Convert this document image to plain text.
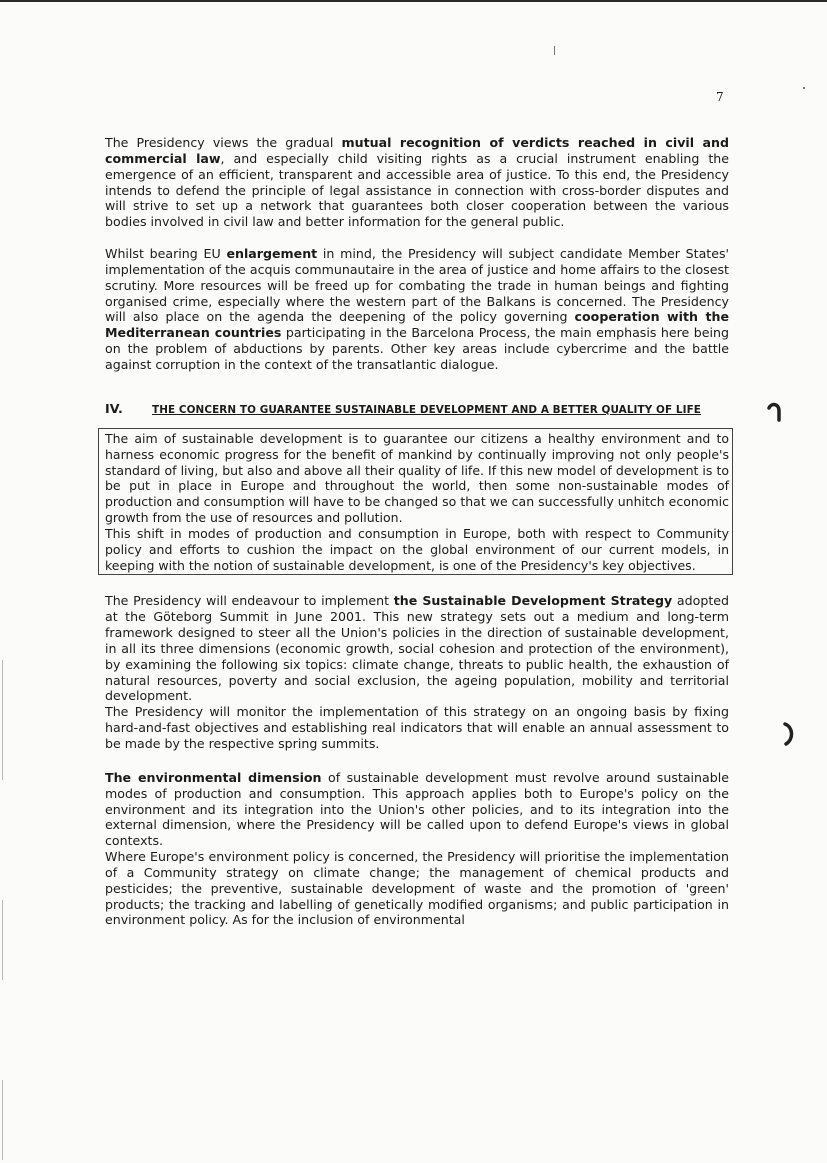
7

The Presidency views the gradual mutual recognition of verdicts reached in civil and commercial law, and especially child visiting rights as a crucial instrument enabling the emergence of an efficient, transparent and accessible area of justice. To this end, the Presidency intends to defend the principle of legal assistance in connection with cross-border disputes and will strive to set up a network that guarantees both closer cooperation between the various bodies involved in civil law and better information for the general public.

Whilst bearing EU enlargement in mind, the Presidency will subject candidate Member States' implementation of the acquis communautaire in the area of justice and home affairs to the closest scrutiny. More resources will be freed up for combating the trade in human beings and fighting organised crime, especially where the western part of the Balkans is concerned. The Presidency will also place on the agenda the deepening of the policy governing cooperation with the Mediterranean countries participating in the Barcelona Process, the main emphasis here being on the problem of abductions by parents. Other key areas include cybercrime and the battle against corruption in the context of the transatlantic dialogue.

IV.	THE CONCERN TO GUARANTEE SUSTAINABLE DEVELOPMENT AND A BETTER QUALITY OF LIFE

The aim of sustainable development is to guarantee our citizens a healthy environment and to harness economic progress for the benefit of mankind by continually improving not only people's standard of living, but also and above all their quality of life. If this new model of development is to be put in place in Europe and throughout the world, then some non-sustainable modes of production and consumption will have to be changed so that we can successfully unhitch economic growth from the use of resources and pollution.

This shift in modes of production and consumption in Europe, both with respect to Community policy and efforts to cushion the impact on the global environment of our current models, in keeping with the notion of sustainable development, is one of the Presidency's key objectives.

The Presidency will endeavour to implement the Sustainable Development Strategy adopted at the Göteborg Summit in June 2001. This new strategy sets out a medium and long-term framework designed to steer all the Union's policies in the direction of sustainable development, in all its three dimensions (economic growth, social cohesion and protection of the environment), by examining the following six topics: climate change, threats to public health, the exhaustion of natural resources, poverty and social exclusion, the ageing population, mobility and territorial development.

The Presidency will monitor the implementation of this strategy on an ongoing basis by fixing hard-and-fast objectives and establishing real indicators that will enable an annual assessment to be made by the respective spring summits.

The environmental dimension of sustainable development must revolve around sustainable modes of production and consumption. This approach applies both to Europe's policy on the environment and its integration into the Union's other policies, and to its integration into the external dimension, where the Presidency will be called upon to defend Europe's views in global contexts.

Where Europe's environment policy is concerned, the Presidency will prioritise the implementation of a Community strategy on climate change; the management of chemical products and pesticides; the preventive, sustainable development of waste and the promotion of 'green' products; the tracking and labelling of genetically modified organisms; and public participation in environment policy. As for the inclusion of environmental
